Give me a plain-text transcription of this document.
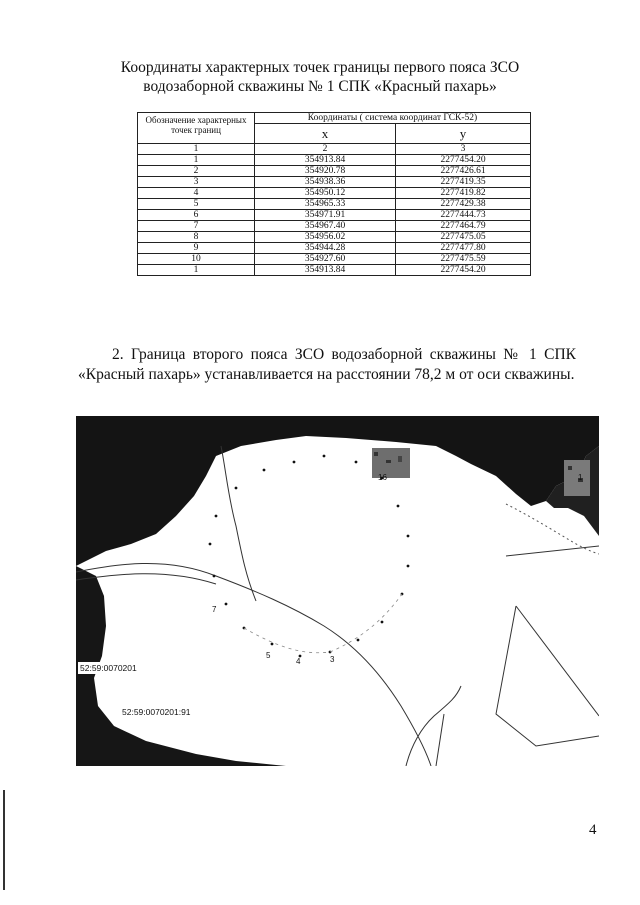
Координаты характерных точек границы первого пояса ЗСО
водозаборной скважины № 1 СПК «Красный пахарь»
Обозначение характерных точек границ	Координаты ( система координат ГСК-52)	
	x	у
1	2	3
1	354913.84	2277454.20
2	354920.78	2277426.61
3	354938.36	2277419.35
4	354950.12	2277419.82
5	354965.33	2277429.38
6	354971.91	2277444.73
7	354967.40	2277464.79
8	354956.02	2277475.05
9	354944.28	2277477.80
10	354927.60	2277475.59
1	354913.84	2277454.20
2. Граница второго пояса ЗСО водозаборной скважины № 1 СПК
«Красный пахарь» устанавливается на расстоянии 78,2 м от оси скважины.
16	1
7
5
4	3
52:59:0070201
52:59:0070201:91
4
